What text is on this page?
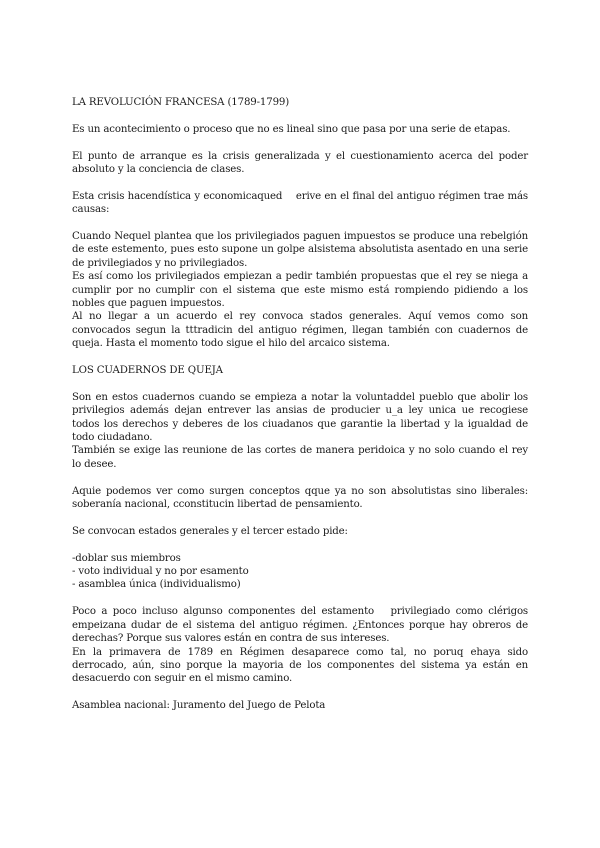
LA REVOLUCIÓN FRANCESA (1789-1799)

Es un acontecimiento o proceso que no es lineal sino que pasa por una serie de etapas.

El punto de arranque es la crisis generalizada y el cuestionamiento acerca del poder absoluto y la conciencia de clases.

Esta crisis hacendística y economicaqued    erive en el final del antiguo régimen trae más causas:

Cuando Nequel plantea que los privilegiados paguen impuestos se produce una rebelgión de este estemento, pues esto supone un golpe alsistema absolutista asentado en una serie de privilegiados y no privilegiados.

Es así como los privilegiados empiezan a pedir también propuestas que el rey se niega a cumplir por no cumplir con el sistema que este mismo está rompiendo pidiendo a los nobles que paguen impuestos.

Al no llegar a un acuerdo el rey convoca stados generales. Aquí vemos como son convocados segun la tttradicin del antiguo régimen, llegan también con cuadernos de queja. Hasta el momento todo sigue el hilo del arcaico sistema.

LOS CUADERNOS DE QUEJA

Son en estos cuadernos cuando se empieza a notar la voluntaddel pueblo que abolir los privilegios además dejan entrever las ansias de producier u_a ley unica ue recogiese todos los derechos y deberes de los ciuadanos que garantie la libertad y la igualdad de todo ciudadano.

También se exige las reunione de las cortes de manera peridoica y no solo cuando el rey lo desee.

Aquie podemos ver como surgen conceptos qque ya no son absolutistas sino liberales: soberanía nacional, cconstitucin libertad de pensamiento.

Se convocan estados generales y el tercer estado pide:

-doblar sus miembros

- voto individual y no por esamento

- asamblea única (individualismo)

Poco a poco incluso algunso componentes del estamento   privilegiado como clérigos empeizana dudar de el sistema del antiguo régimen. ¿Entonces porque hay obreros de derechas? Porque sus valores están en contra de sus intereses.

En la primavera de 1789 en Régimen desaparece como tal, no poruq ehaya sido derrocado, aún, sino porque la mayoria de los componentes del sistema ya están en desacuerdo con seguir en el mismo camino.

Asamblea nacional: Juramento del Juego de Pelota
